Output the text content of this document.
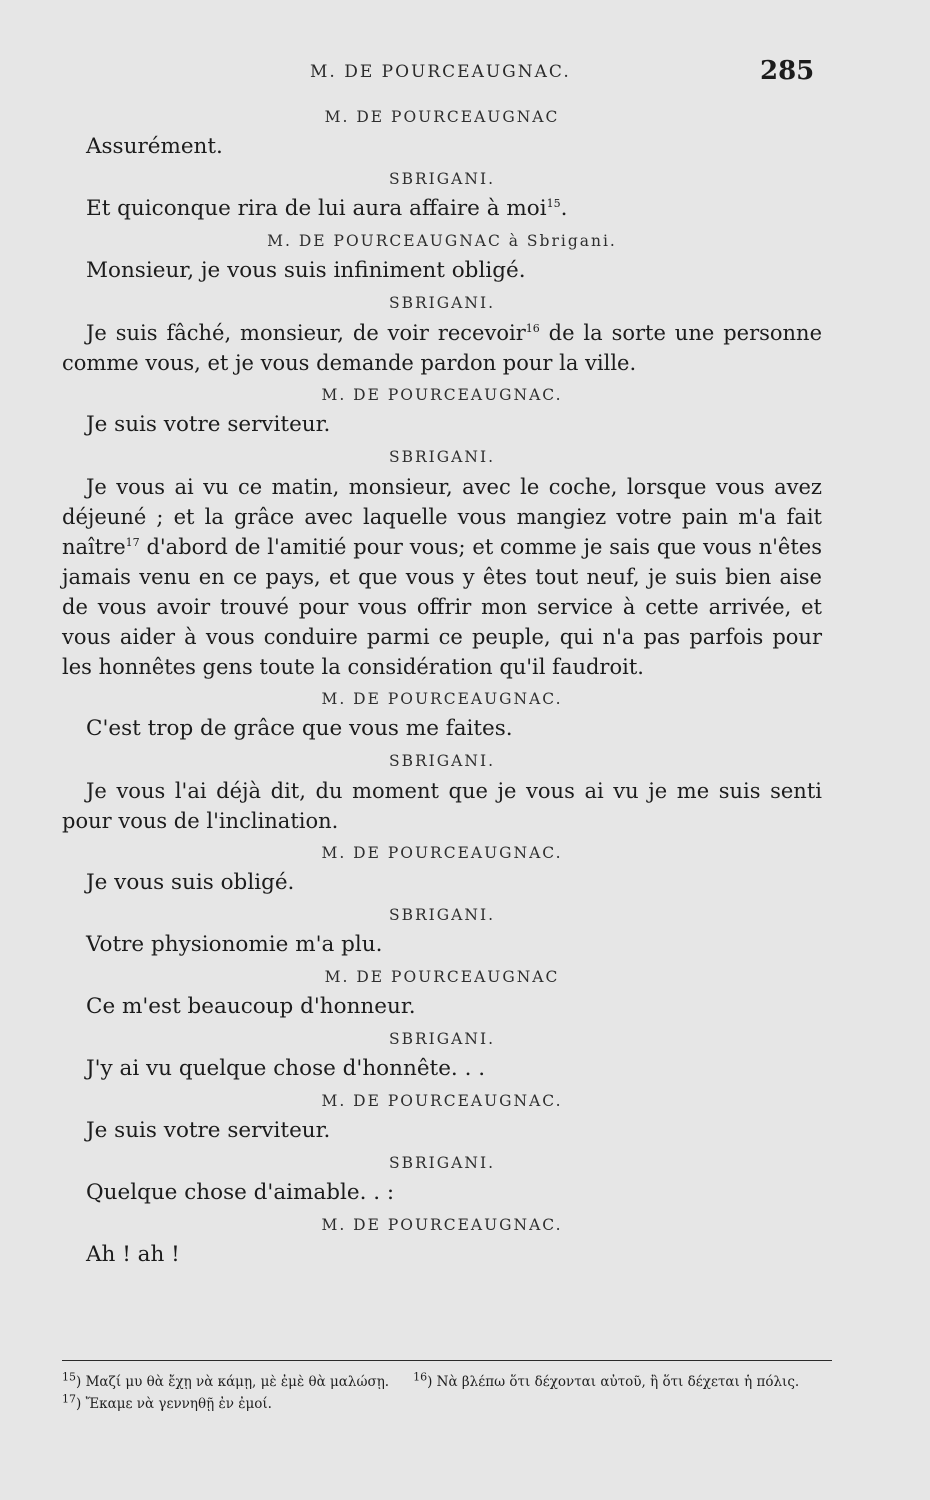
M. DE POURCEAUGNAC.	285
M. DE POURCEAUGNAC

Assurément.

SBRIGANI.

Et quiconque rira de lui aura affaire à moi$^{15}$.

M. DE POURCEAUGNAC à Sbrigani.

Monsieur, je vous suis infiniment obligé.

SBRIGANI.

Je suis fâché, monsieur, de voir recevoir$^{16}$ de la sorte une personne comme vous, et je vous demande pardon pour la ville.

M. DE POURCEAUGNAC.

Je suis votre serviteur.

SBRIGANI.

Je vous ai vu ce matin, monsieur, avec le coche, lorsque vous avez déjeuné ; et la grâce avec laquelle vous mangiez votre pain m'a fait naître$^{17}$ d'abord de l'amitié pour vous; et comme je sais que vous n'êtes jamais venu en ce pays, et que vous y êtes tout neuf, je suis bien aise de vous avoir trouvé pour vous offrir mon service à cette arrivée, et vous aider à vous conduire parmi ce peuple, qui n'a pas parfois pour les honnêtes gens toute la considération qu'il faudroit.

M. DE POURCEAUGNAC.

C'est trop de grâce que vous me faites.

SBRIGANI.

Je vous l'ai déjà dit, du moment que je vous ai vu je me suis senti pour vous de l'inclination.

M. DE POURCEAUGNAC.

Je vous suis obligé.

SBRIGANI.

Votre physionomie m'a plu.

M. DE POURCEAUGNAC

Ce m'est beaucoup d'honneur.

SBRIGANI.

J'y ai vu quelque chose d'honnête. . .

M. DE POURCEAUGNAC.

Je suis votre serviteur.

SBRIGANI.

Quelque chose d'aimable. . :

M. DE POURCEAUGNAC.

Ah ! ah !

$^{15}$) Μαζί μυ θὰ ἔχῃ νὰ κάμῃ, μὲ ἐμὲ θὰ μαλώσῃ. $^{16}$) Νὰ βλέπω ὅτι δέχονται αὐτοῦ, ἢ ὅτι δέχεται ἡ πόλις.$^{17}$) Ἔκαμε νὰ γεννηθῇ ἐν ἐμοί.
